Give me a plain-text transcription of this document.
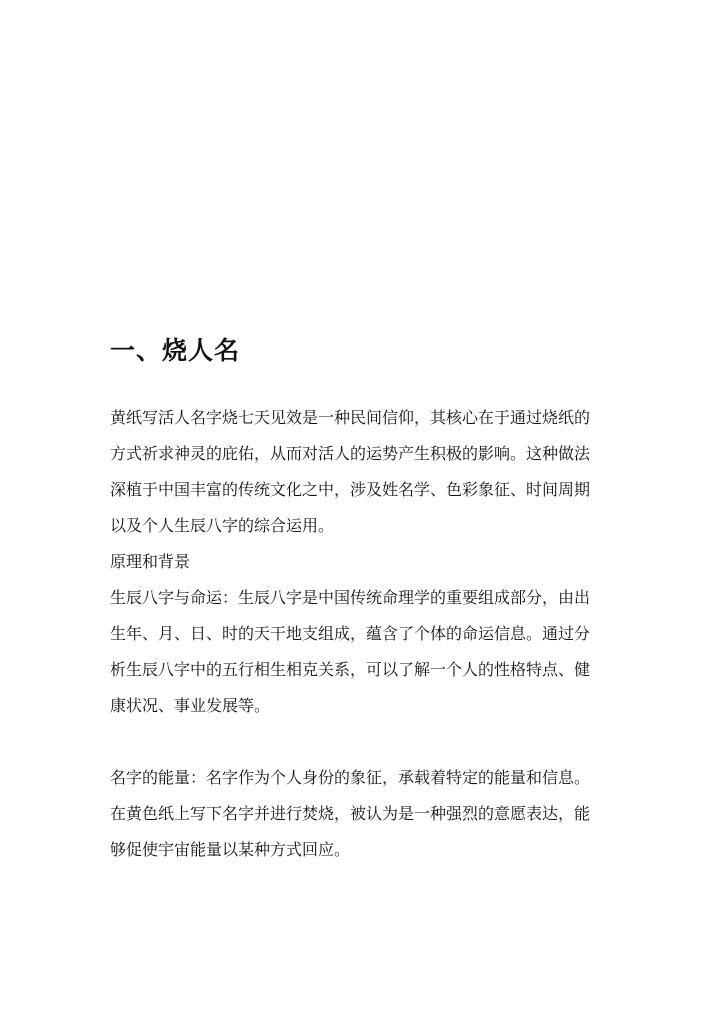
一、烧人名

黄纸写活人名字烧七天见效是一种民间信仰，其核心在于通过烧纸的

方式祈求神灵的庇佑，从而对活人的运势产生积极的影响。这种做法

深植于中国丰富的传统文化之中，涉及姓名学、色彩象征、时间周期

以及个人生辰八字的综合运用。

原理和背景

生辰八字与命运：生辰八字是中国传统命理学的重要组成部分，由出

生年、月、日、时的天干地支组成，蕴含了个体的命运信息。通过分

析生辰八字中的五行相生相克关系，可以了解一个人的性格特点、健

康状况、事业发展等。

名字的能量：名字作为个人身份的象征，承载着特定的能量和信息。

在黄色纸上写下名字并进行焚烧，被认为是一种强烈的意愿表达，能

够促使宇宙能量以某种方式回应。
